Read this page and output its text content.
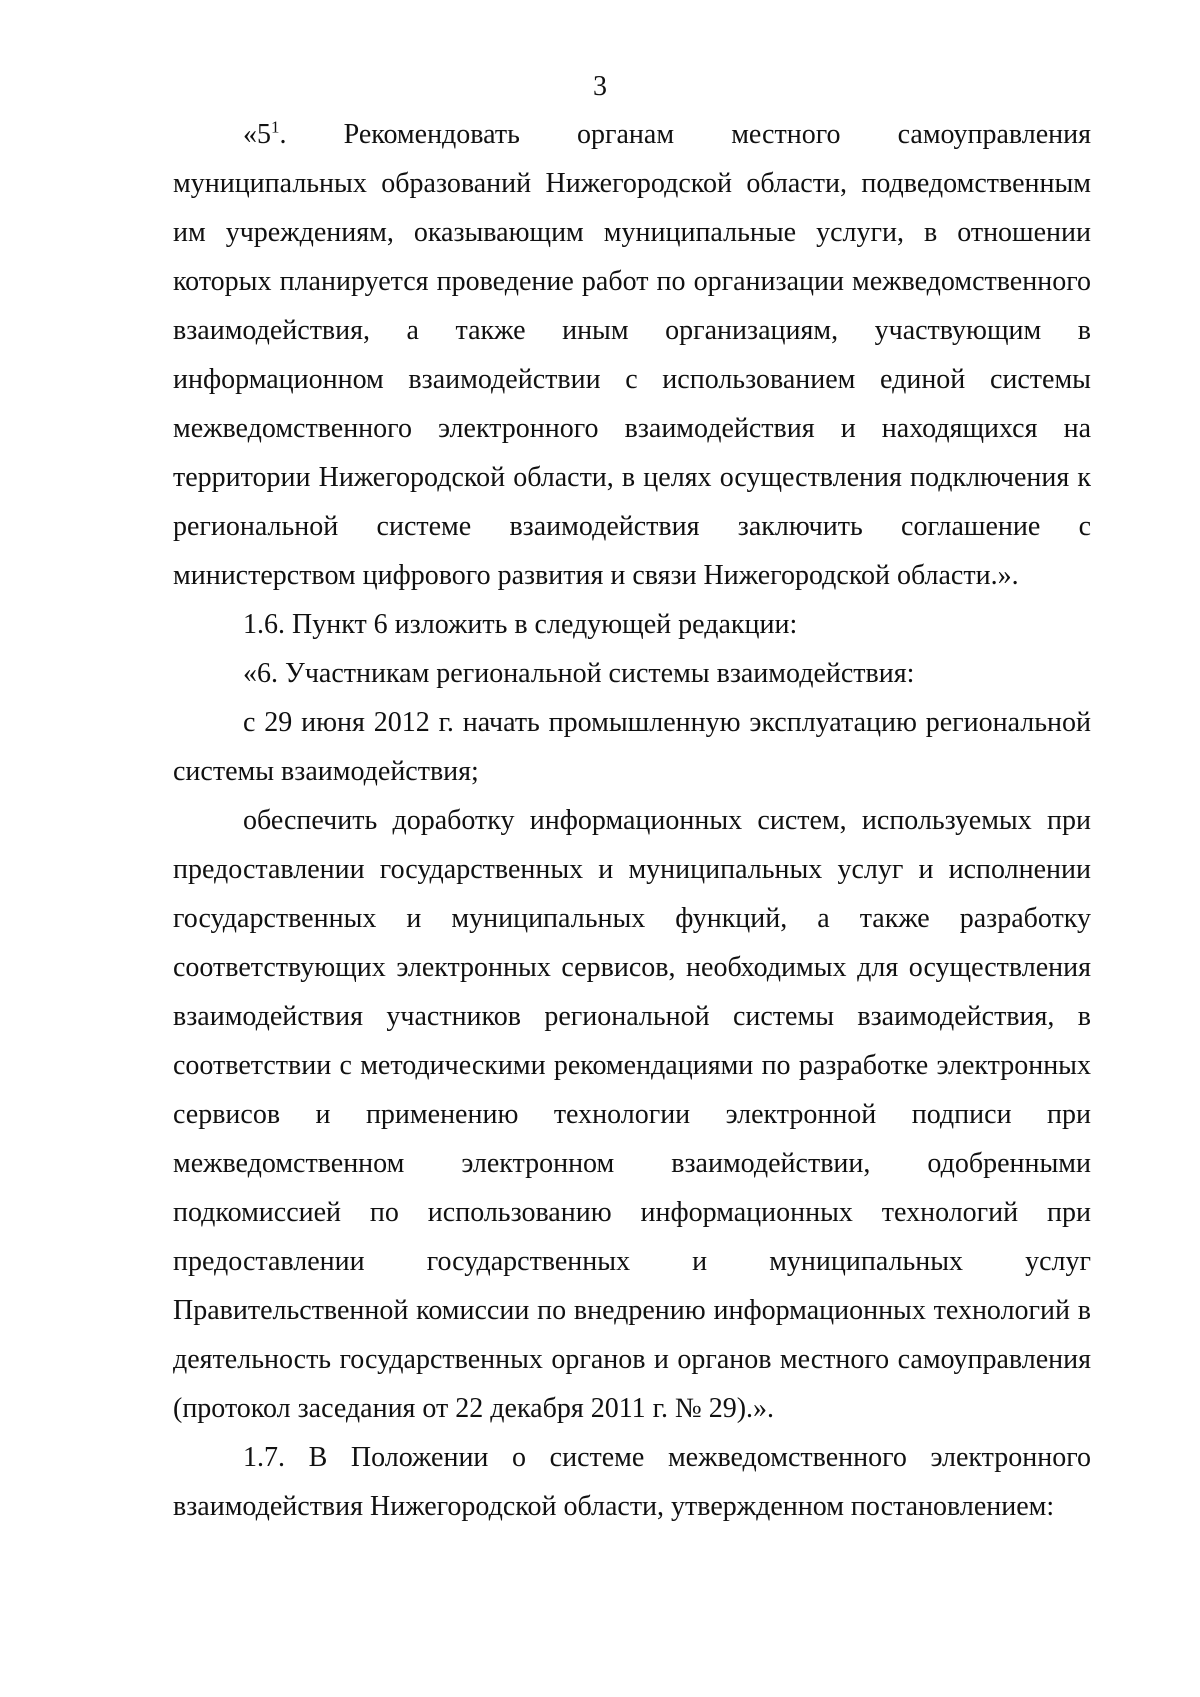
3

«$5^1$. Рекомендовать органам местного самоуправления муниципальных образований Нижегородской области, подведомственным им учреждениям, оказывающим муниципальные услуги, в отношении которых планируется проведение работ по организации межведомственного взаимодействия, а также иным организациям, участвующим в информационном взаимодействии с использованием единой системы межведомственного электронного взаимодействия и находящихся на территории Нижегородской области, в целях осуществления подключения к региональной системе взаимодействия заключить соглашение с министерством цифрового развития и связи Нижегородской области.».

1.6. Пункт 6 изложить в следующей редакции:

«6. Участникам региональной системы взаимодействия:

с 29 июня 2012 г. начать промышленную эксплуатацию региональной системы взаимодействия;

обеспечить доработку информационных систем, используемых при предоставлении государственных и муниципальных услуг и исполнении государственных и муниципальных функций, а также разработку соответствующих электронных сервисов, необходимых для осуществления взаимодействия участников региональной системы взаимодействия, в соответствии с методическими рекомендациями по разработке электронных сервисов и применению технологии электронной подписи при межведомственном электронном взаимодействии, одобренными подкомиссией по использованию информационных технологий при предоставлении государственных и муниципальных услуг Правительственной комиссии по внедрению информационных технологий в деятельность государственных органов и органов местного самоуправления (протокол заседания от 22 декабря 2011 г. № 29).».

1.7. В Положении о системе межведомственного электронного взаимодействия Нижегородской области, утвержденном постановлением:
